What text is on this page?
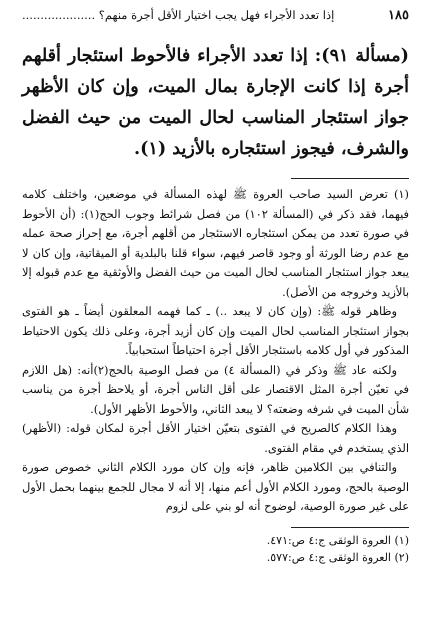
١٨٥
إذا تعدد الأجراء فهل يجب اختيار الأقل أجرة منهم؟ ....................
(مسألة ٩١): إذا تعدد الأجراء فالأحوط استئجار أقلهم أجرة إذا كانت الإجارة بمال الميت، وإن كان الأظهر جواز استئجار المناسب لحال الميت من حيث الفضل والشرف، فيجوز استئجاره بالأزيد (١).

(١) تعرض السيد صاحب العروة ﷺ لهذه المسألة في موضعين، واختلف كلامه فيهما، فقد ذكر في (المسألة ١٠٢) من فصل شرائط وجوب الحج(١): (أن الأحوط في صورة تعدد من يمكن استئجاره الاستئجار من أقلهم أجرة، مع إحراز صحة عمله مع عدم رضا الورثة أو وجود قاصر فيهم، سواء قلنا بالبلدية أو الميقاتية، وإن كان لا يبعد جواز استئجار المناسب لحال الميت من حيث الفضل والأوثقية مع عدم قبوله إلا بالأزيد وخروجه من الأصل).

وظاهر قوله ﷺ: (وإن كان لا يبعد ..) ـ كما فهمه المعلقون أيضاً ـ هو الفتوى بجواز استئجار المناسب لحال الميت وإن كان أزيد أجرة، وعلى ذلك يكون الاحتياط المذكور في أول كلامه باستئجار الأقل أجرة احتياطاً استحبابياً.

ولكنه عاد ﷺ وذكر في (المسألة ٤) من فصل الوصية بالحج(٢)أنه: (هل اللازم في تعيّن أجرة المثل الاقتصار على أقل الناس أجرة، أو يلاحظ أجرة من يناسب شأن الميت في شرفه وضعته؟ لا يبعد الثاني، والأحوط الأظهر الأول).

وهذا الكلام كالصريح في الفتوى بتعيّن اختيار الأقل أجرة لمكان قوله: (الأظهر) الذي يستخدم في مقام الفتوى.

والتنافي بين الكلامين ظاهر، فإنه وإن كان مورد الكلام الثاني خصوص صورة الوصية بالحج، ومورد الكلام الأول أعم منها، إلا أنه لا مجال للجمع بينهما بحمل الأول على غير صورة الوصية، لوضوح أنه لو بني على لزوم

(١) العروة الوثقى ج:٤ ص:٤٧١.
(٢) العروة الوثقى ج:٤ ص:٥٧٧.
